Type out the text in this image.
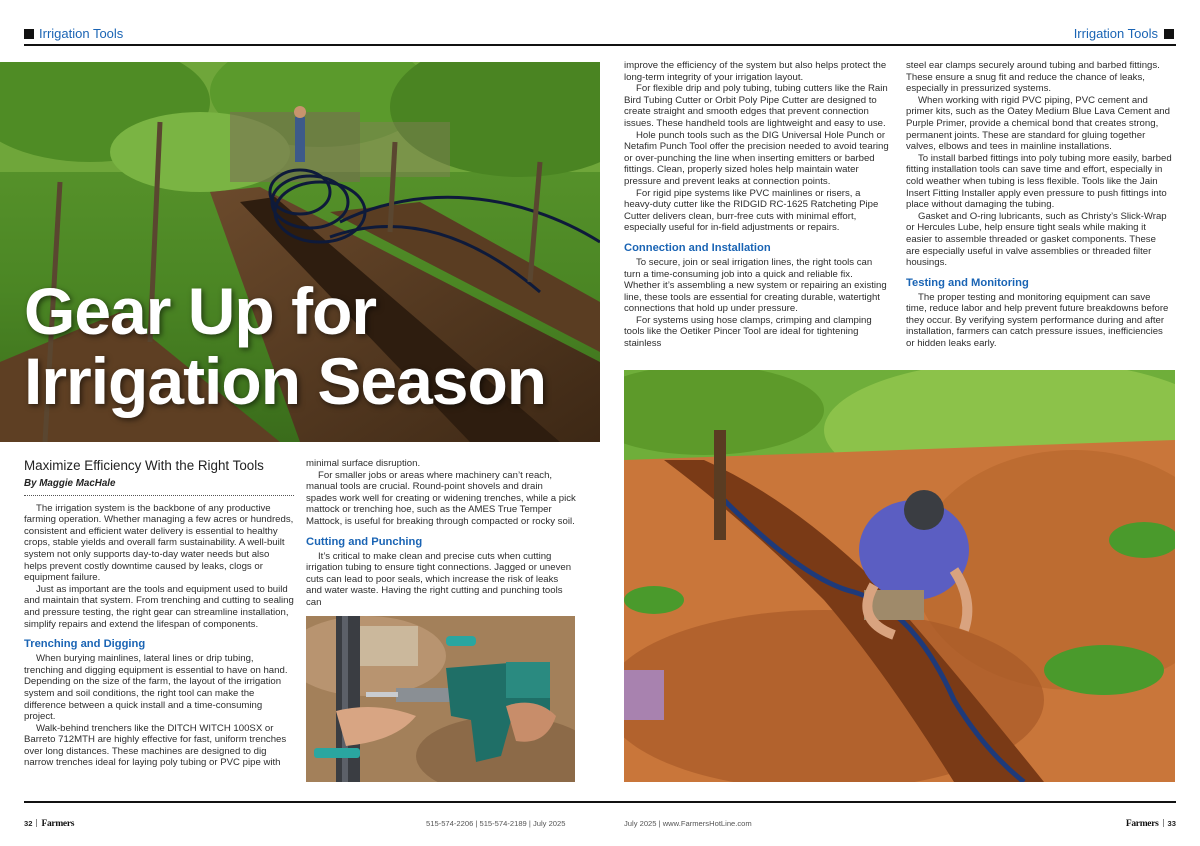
Irrigation Tools	Irrigation Tools
Gear Up for
Irrigation Season
Maximize Efficiency With the Right Tools
By Maggie MacHale

The irrigation system is the backbone of any productive farming operation. Whether managing a few acres or hundreds, consistent and efficient water delivery is essential to healthy crops, stable yields and overall farm sustainability. A well-built system not only supports day-to-day water needs but also helps prevent costly downtime caused by leaks, clogs or equipment failure.

Just as important are the tools and equipment used to build and maintain that system. From trenching and cutting to sealing and pressure testing, the right gear can streamline installation, simplify repairs and extend the lifespan of components.

Trenching and Digging

When burying mainlines, lateral lines or drip tubing, trenching and digging equipment is essential to have on hand. Depending on the size of the farm, the layout of the irrigation system and soil conditions, the right tool can make the difference between a quick install and a time-consuming project.

Walk-behind trenchers like the DITCH WITCH 100SX or Barreto 712MTH are highly effective for fast, uniform trenches over long distances. These machines are designed to dig narrow trenches ideal for laying poly tubing or PVC pipe with

minimal surface disruption.

For smaller jobs or areas where machinery can’t reach, manual tools are crucial. Round-point shovels and drain spades work well for creating or widening trenches, while a pick mattock or trenching hoe, such as the AMES True Temper Mattock, is useful for breaking through compacted or rocky soil.

Cutting and Punching

It’s critical to make clean and precise cuts when cutting irrigation tubing to ensure tight connections. Jagged or uneven cuts can lead to poor seals, which increase the risk of leaks and water waste. Having the right cutting and punching tools can

improve the efficiency of the system but also helps protect the long-term integrity of your irrigation layout.

For flexible drip and poly tubing, tubing cutters like the Rain Bird Tubing Cutter or Orbit Poly Pipe Cutter are designed to create straight and smooth edges that prevent connection issues. These handheld tools are lightweight and easy to use.

Hole punch tools such as the DIG Universal Hole Punch or Netafim Punch Tool offer the precision needed to avoid tearing or over-punching the line when inserting emitters or barbed fittings. Clean, properly sized holes help maintain water pressure and prevent leaks at connection points.

For rigid pipe systems like PVC mainlines or risers, a heavy-duty cutter like the RIDGID RC-1625 Ratcheting Pipe Cutter delivers clean, burr-free cuts with minimal effort, especially useful for in-field adjustments or repairs.

Connection and Installation

To secure, join or seal irrigation lines, the right tools can turn a time-consuming job into a quick and reliable fix. Whether it’s assembling a new system or repairing an existing line, these tools are essential for creating durable, watertight connections that hold up under pressure.

For systems using hose clamps, crimping and clamping tools like the Oetiker Pincer Tool are ideal for tightening stainless

steel ear clamps securely around tubing and barbed fittings. These ensure a snug fit and reduce the chance of leaks, especially in pressurized systems.

When working with rigid PVC piping, PVC cement and primer kits, such as the Oatey Medium Blue Lava Cement and Purple Primer, provide a chemical bond that creates strong, permanent joints. These are standard for gluing together valves, elbows and tees in mainline installations.

To install barbed fittings into poly tubing more easily, barbed fitting installation tools can save time and effort, especially in cold weather when tubing is less flexible. Tools like the Jain Insert Fitting Installer apply even pressure to push fittings into place without damaging the tubing.

Gasket and O-ring lubricants, such as Christy’s Slick-Wrap or Hercules Lube, help ensure tight seals while making it easier to assemble threaded or gasket components. These are especially useful in valve assemblies or threaded filter housings.

Testing and Monitoring

The proper testing and monitoring equipment can save time, reduce labor and help prevent future breakdowns before they occur. By verifying system performance during and after installation, farmers can catch pressure issues, inefficiencies or hidden leaks early.

32 Farmers	515-574-2206 | 515-574-2189 | July 2025	July 2025 | www.FarmersHotLine.com	Farmers 33
